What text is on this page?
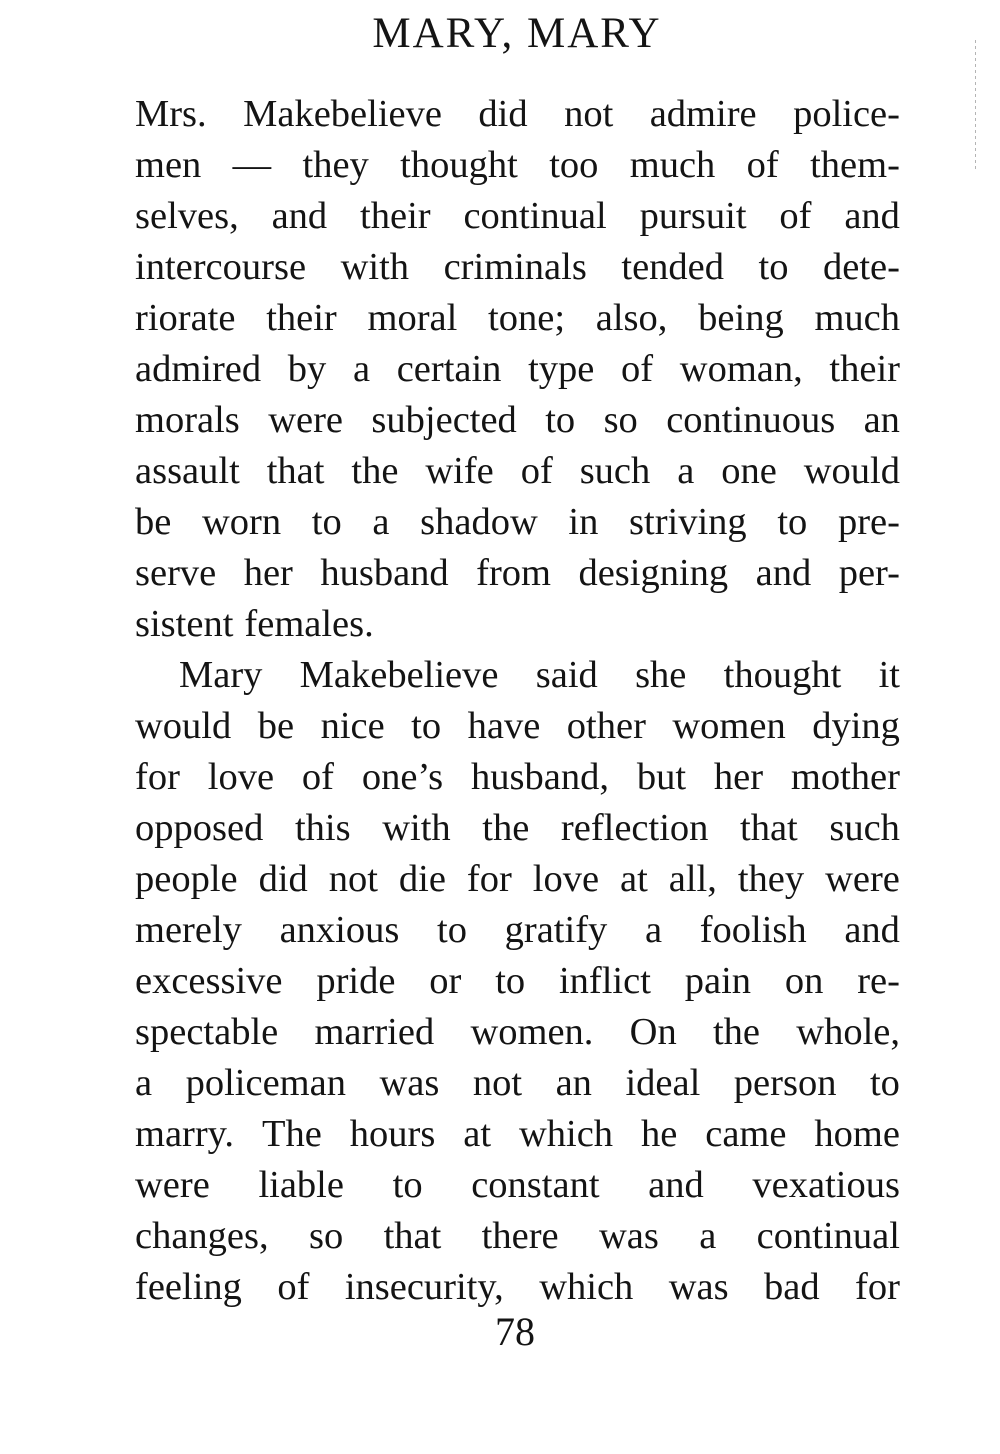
MARY, MARY
Mrs. Makebelieve did not admire police-
men — they thought too much of them-
selves, and their continual pursuit of and
intercourse with criminals tended to dete-
riorate their moral tone; also, being much
admired by a certain type of woman, their
morals were subjected to so continuous an
assault that the wife of such a one would
be worn to a shadow in striving to pre-
serve her husband from designing and per-
sistent females.
Mary Makebelieve said she thought it
would be nice to have other women dying
for love of one’s husband, but her mother
opposed this with the reflection that such
people did not die for love at all, they were
merely anxious to gratify a foolish and
excessive pride or to inflict pain on re-
spectable married women. On the whole,
a policeman was not an ideal person to
marry. The hours at which he came home
were liable to constant and vexatious
changes, so that there was a continual
feeling of insecurity, which was bad for
78
